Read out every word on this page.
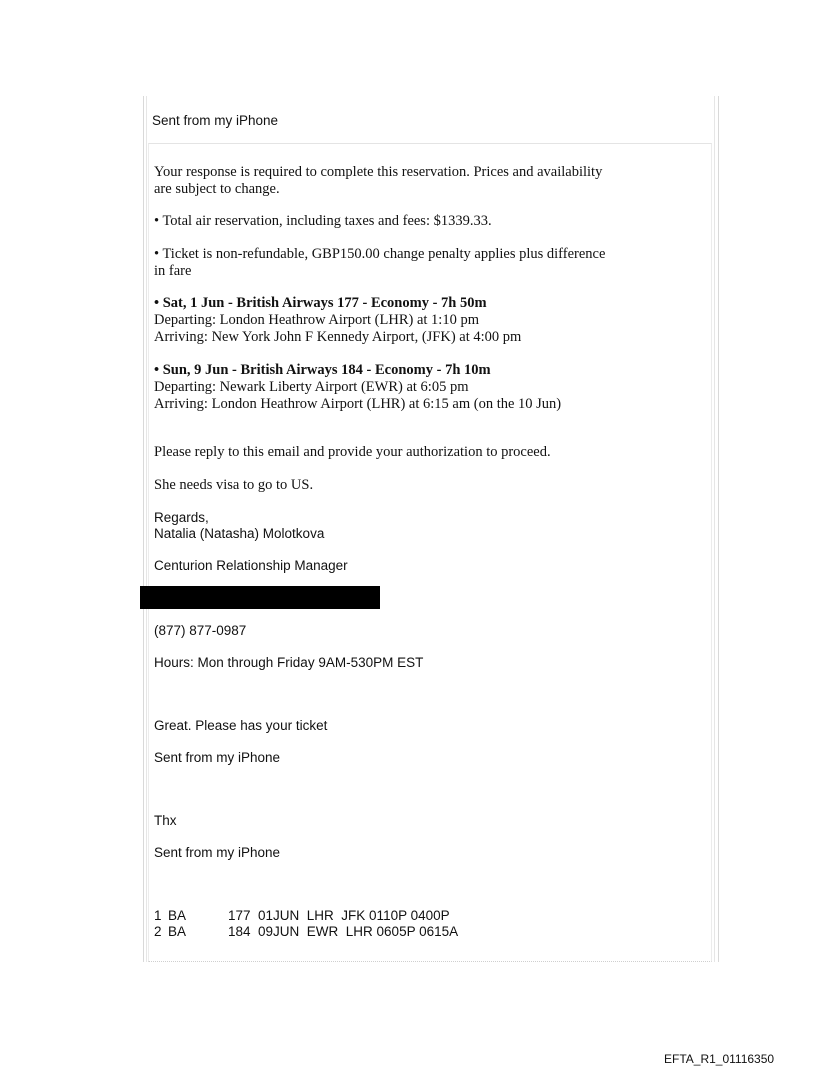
Sent from my iPhone
Your response is required to complete this reservation. Prices and availability
are subject to change.
• Total air reservation, including taxes and fees: $1339.33.
• Ticket is non-refundable, GBP150.00 change penalty applies plus difference
in fare
• Sat, 1 Jun - British Airways 177 - Economy - 7h 50m
Departing: London Heathrow Airport (LHR) at 1:10 pm
Arriving: New York John F Kennedy Airport, (JFK) at 4:00 pm
• Sun, 9 Jun - British Airways 184 - Economy - 7h 10m
Departing: Newark Liberty Airport (EWR) at 6:05 pm
Arriving: London Heathrow Airport (LHR) at 6:15 am (on the 10 Jun)
Please reply to this email and provide your authorization to proceed.
She needs visa to go to US.
Regards,
Natalia (Natasha) Molotkova
Centurion Relationship Manager
(877) 877-0987
Hours: Mon through Friday 9AM-530PM EST
Great. Please has your ticket
Sent from my iPhone
Thx
Sent from my iPhone
1 BA	177  01JUN  LHR  JFK 0110P 0400P
2 BA	184  09JUN  EWR  LHR 0605P 0615A
EFTA_R1_01116350
